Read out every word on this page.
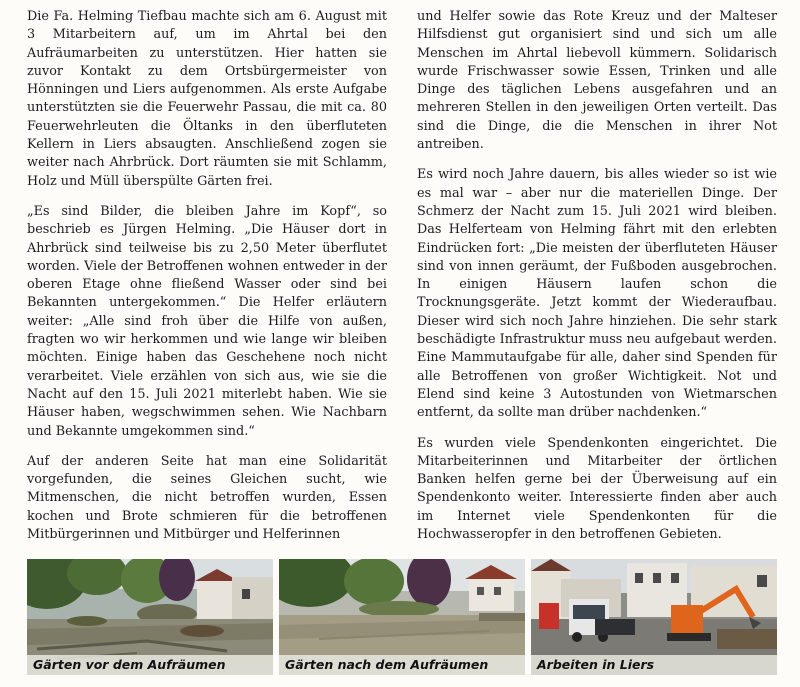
Die Fa. Helming Tiefbau machte sich am 6. August mit 3 Mitarbeitern auf, um im Ahrtal bei den Aufräumarbeiten zu unterstützen. Hier hatten sie zuvor Kontakt zu dem Ortsbürgermeister von Hönningen und Liers aufgenommen. Als erste Aufgabe unterstützten sie die Feuerwehr Passau, die mit ca. 80 Feuerwehrleuten die Öltanks in den überfluteten Kellern in Liers absaugten. Anschließend zogen sie weiter nach Ahrbrück. Dort räumten sie mit Schlamm, Holz und Müll überspülte Gärten frei.

„Es sind Bilder, die bleiben Jahre im Kopf“, so beschrieb es Jürgen Helming. „Die Häuser dort in Ahrbrück sind teilweise bis zu 2,50 Meter überflutet worden. Viele der Betroffenen wohnen entweder in der oberen Etage ohne fließend Wasser oder sind bei Bekannten untergekommen.“ Die Helfer erläutern weiter: „Alle sind froh über die Hilfe von außen, fragten wo wir herkommen und wie lange wir bleiben möchten. Einige haben das Geschehene noch nicht verarbeitet. Viele erzählen von sich aus, wie sie die Nacht auf den 15. Juli 2021 miterlebt haben. Wie sie Häuser haben, wegschwimmen sehen. Wie Nachbarn und Bekannte umgekommen sind.“

Auf der anderen Seite hat man eine Solidarität vorgefunden, die seines Gleichen sucht, wie Mitmenschen, die nicht betroffen wurden, Essen kochen und Brote schmieren für die betroffenen Mitbürgerinnen und Mitbürger und Helferinnen

und Helfer sowie das Rote Kreuz und der Malteser Hilfsdienst gut organisiert sind und sich um alle Menschen im Ahrtal liebevoll kümmern. Solidarisch wurde Frischwasser sowie Essen, Trinken und alle Dinge des täglichen Lebens ausgefahren und an mehreren Stellen in den jeweiligen Orten verteilt. Das sind die Dinge, die die Menschen in ihrer Not antreiben.

Es wird noch Jahre dauern, bis alles wieder so ist wie es mal war – aber nur die materiellen Dinge. Der Schmerz der Nacht zum 15. Juli 2021 wird bleiben. Das Helferteam von Helming fährt mit den erlebten Eindrücken fort: „Die meisten der überfluteten Häuser sind von innen geräumt, der Fußboden ausgebrochen. In einigen Häusern laufen schon die Trocknungsgeräte. Jetzt kommt der Wiederaufbau. Dieser wird sich noch Jahre hinziehen. Die sehr stark beschädigte Infrastruktur muss neu aufgebaut werden. Eine Mammutaufgabe für alle, daher sind Spenden für alle Betroffenen von großer Wichtigkeit. Not und Elend sind keine 3 Autostunden von Wietmarschen entfernt, da sollte man drüber nachdenken.“

Es wurden viele Spendenkonten eingerichtet. Die Mitarbeiterinnen und Mitarbeiter der örtlichen Banken helfen gerne bei der Überweisung auf ein Spendenkonto weiter. Interessierte finden aber auch im Internet viele Spendenkonten für die Hochwasseropfer in den betroffenen Gebieten.

Gärten vor dem Aufräumen	Gärten nach dem Aufräumen	Arbeiten in Liers
